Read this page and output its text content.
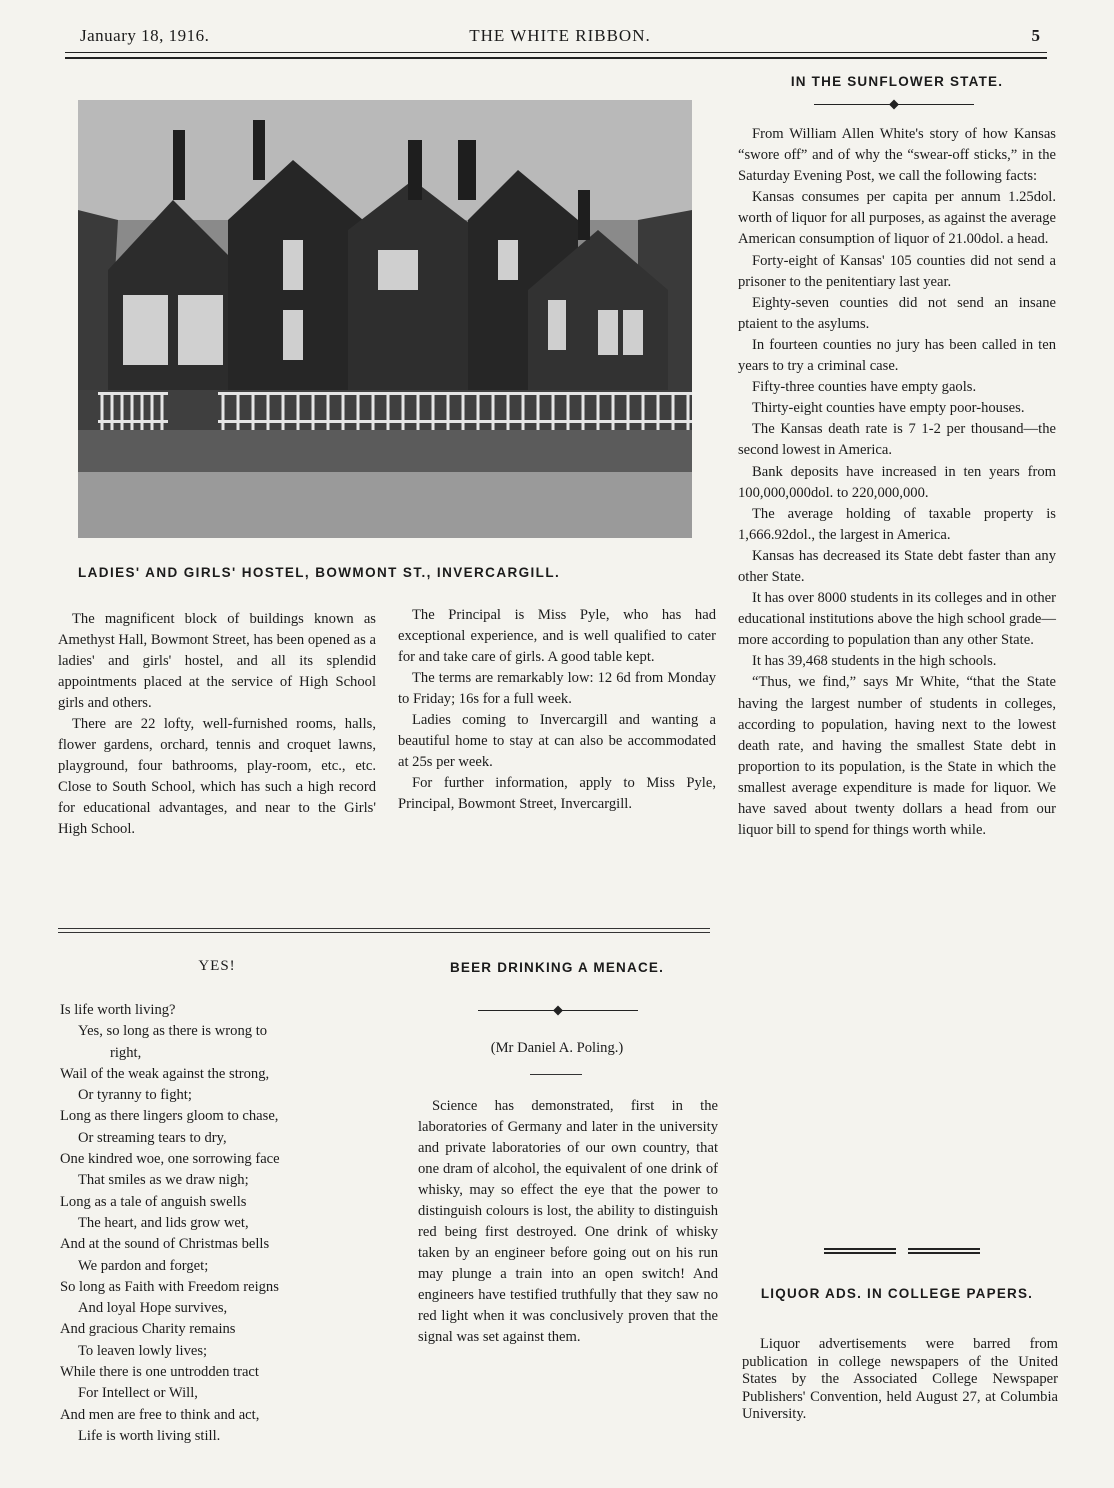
THE WHITE RIBBON.
January 18, 1916.	5
LADIES' AND GIRLS' HOSTEL, BOWMONT ST., INVERCARGILL.

The magnificent block of buildings known as Amethyst Hall, Bowmont Street, has been opened as a ladies' and girls' hostel, and all its splendid appointments placed at the service of High School girls and others.

There are 22 lofty, well-furnished rooms, halls, flower gardens, orchard, tennis and croquet lawns, playground, four bathrooms, play-room, etc., etc. Close to South School, which has such a high record for educational advantages, and near to the Girls' High School.

The Principal is Miss Pyle, who has had exceptional experience, and is well qualified to cater for and take care of girls. A good table kept.

The terms are remarkably low: 12 6d from Monday to Friday; 16s for a full week.

Ladies coming to Invercargill and wanting a beautiful home to stay at can also be accommodated at 25s per week.

For further information, apply to Miss Pyle, Principal, Bowmont Street, Invercargill.

IN THE SUNFLOWER STATE.

From William Allen White's story of how Kansas “swore off” and of why the “swear-off sticks,” in the Saturday Evening Post, we call the following facts:

Kansas consumes per capita per annum 1.25dol. worth of liquor for all purposes, as against the average American consumption of liquor of 21.00dol. a head.

Forty-eight of Kansas' 105 counties did not send a prisoner to the penitentiary last year.

Eighty-seven counties did not send an insane ptaient to the asylums.

In fourteen counties no jury has been called in ten years to try a criminal case.

Fifty-three counties have empty gaols.

Thirty-eight counties have empty poor-houses.

The Kansas death rate is 7 1-2 per thousand—the second lowest in America.

Bank deposits have increased in ten years from 100,000,000dol. to 220,000,000.

The average holding of taxable property is 1,666.92dol., the largest in America.

Kansas has decreased its State debt faster than any other State.

It has over 8000 students in its colleges and in other educational institutions above the high school grade—more according to population than any other State.

It has 39,468 students in the high schools.

“Thus, we find,” says Mr White, “that the State having the largest number of students in colleges, according to population, having next to the lowest death rate, and having the smallest State debt in proportion to its population, is the State in which the smallest average expenditure is made for liquor. We have saved about twenty dollars a head from our liquor bill to spend for things worth while.

YES!
Is life worth living?
Yes, so long as there is wrong to
right,
Wail of the weak against the strong,
Or tyranny to fight;
Long as there lingers gloom to chase,
Or streaming tears to dry,
One kindred woe, one sorrowing face
That smiles as we draw nigh;
Long as a tale of anguish swells
The heart, and lids grow wet,
And at the sound of Christmas bells
We pardon and forget;
So long as Faith with Freedom reigns
And loyal Hope survives,
And gracious Charity remains
To leaven lowly lives;
While there is one untrodden tract
For Intellect or Will,
And men are free to think and act,
Life is worth living still.
BEER DRINKING A MENACE.
(Mr Daniel A. Poling.)

Science has demonstrated, first in the laboratories of Germany and later in the university and private laboratories of our own country, that one dram of alcohol, the equivalent of one drink of whisky, may so effect the eye that the power to distinguish colours is lost, the ability to distinguish red being first destroyed. One drink of whisky taken by an engineer before going out on his run may plunge a train into an open switch! And engineers have testified truthfully that they saw no red light when it was conclusively proven that the signal was set against them.

LIQUOR ADS. IN COLLEGE PAPERS.

Liquor advertisements were barred from publication in college newspapers of the United States by the Associated College Newspaper Publishers' Convention, held August 27, at Columbia University.
